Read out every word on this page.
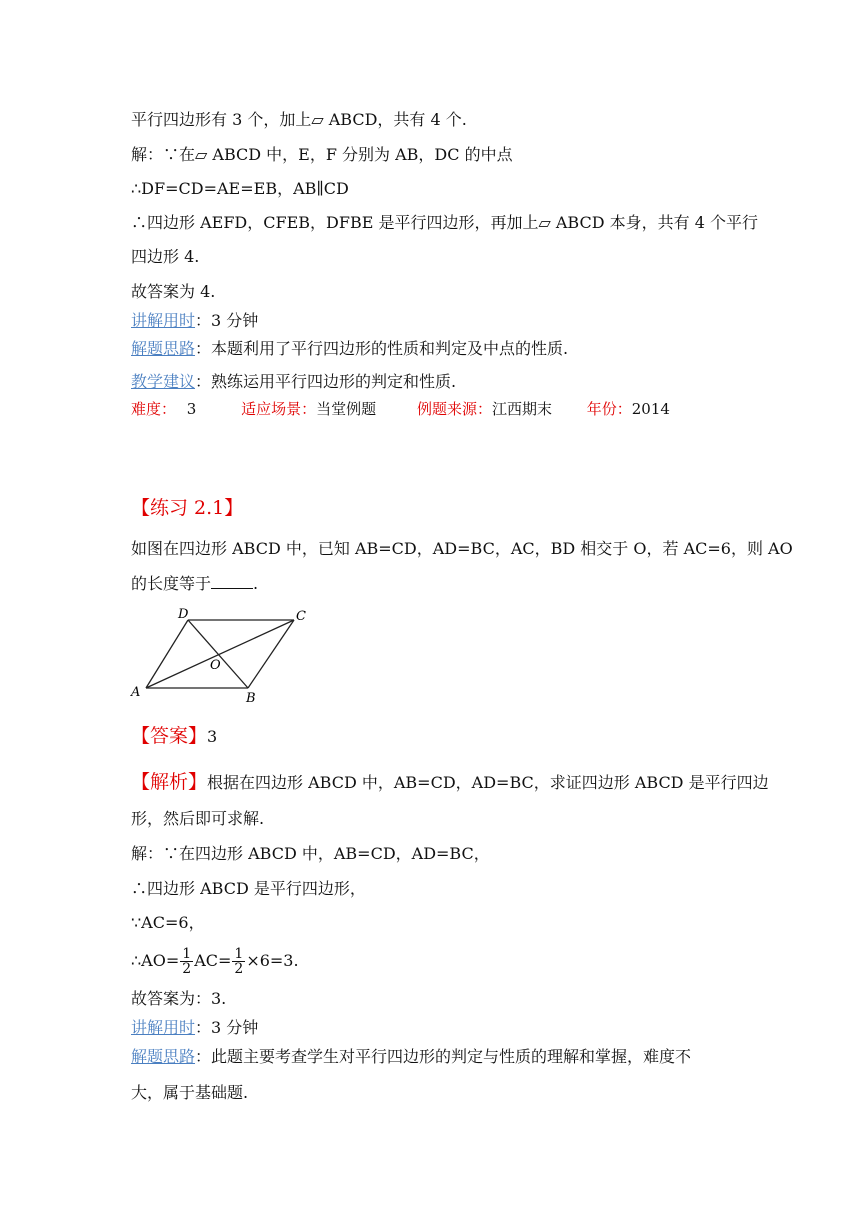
平行四边形有 3 个，加上▱ ABCD，共有 4 个.
解：∵在▱ ABCD 中，E，F 分别为 AB，DC 的中点
∴DF=CD=AE=EB，AB∥CD
∴四边形 AEFD，CFEB，DFBE 是平行四边形，再加上▱ ABCD 本身，共有 4 个平行
四边形 4.
故答案为 4.
讲解用时：3 分钟
解题思路：本题利用了平行四边形的性质和判定及中点的性质.
教学建议：熟练运用平行四边形的判定和性质.
难度： 3	适应场景：当堂例题	例题来源：江西期末 年份：2014
【练习 2.1】
如图在四边形 ABCD 中，已知 AB=CD，AD=BC，AC，BD 相交于 O，若 AC=6，则 AO
的长度等于	.
A	B
C
D
O
【答案】3
【解析】根据在四边形 ABCD 中，AB=CD，AD=BC，求证四边形 ABCD 是平行四边
形，然后即可求解.
解：∵在四边形 ABCD 中，AB=CD，AD=BC，
∴四边形 ABCD 是平行四边形，
∵AC=6，
∴AO= $\frac{1}{2} AC= \frac{1}{2} \times 6=3$.
故答案为：3.
讲解用时：3 分钟
解题思路：此题主要考查学生对平行四边形的判定与性质的理解和掌握，难度不
大，属于基础题.
